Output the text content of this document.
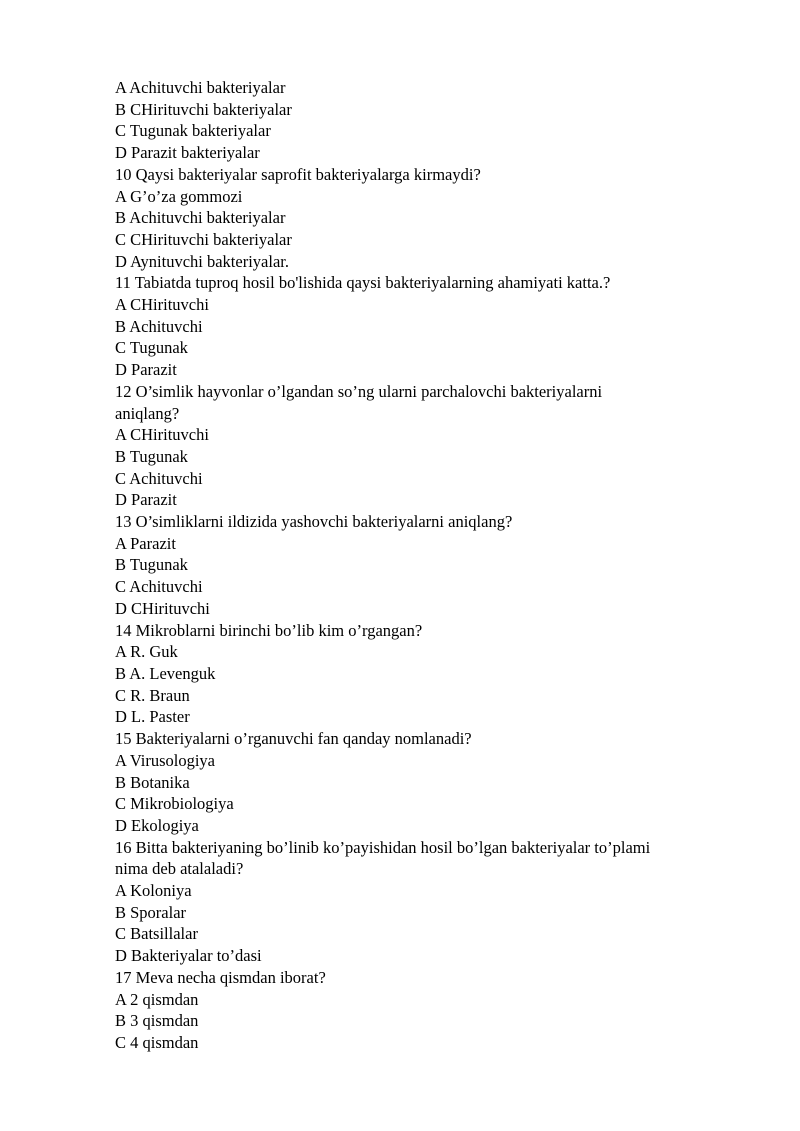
A Achituvchi bakteriyalar
B CHirituvchi bakteriyalar
C Tugunak bakteriyalar
D Parazit bakteriyalar
10 Qaysi bakteriyalar saprofit bakteriyalarga kirmaydi?
A G’o’za gommozi
B Achituvchi bakteriyalar
C CHirituvchi bakteriyalar
D Aynituvchi bakteriyalar.
11 Tabiatda tuproq hosil bo'lishida qaysi bakteriyalarning ahamiyati katta.?
A CHirituvchi
B Achituvchi
C Tugunak
D Parazit
12 O’simlik hayvonlar o’lgandan so’ng ularni parchalovchi bakteriyalarni
aniqlang?
A CHirituvchi
B Tugunak
C Achituvchi
D Parazit
13 O’simliklarni ildizida yashovchi bakteriyalarni aniqlang?
A Parazit
B Tugunak
C Achituvchi
D CHirituvchi
14 Mikroblarni birinchi bo’lib kim o’rgangan?
A R. Guk
B A. Levenguk
C R. Braun
D L. Paster
15 Bakteriyalarni o’rganuvchi fan qanday nomlanadi?
A Virusologiya
B Botanika
C Mikrobiologiya
D Ekologiya
16 Bitta bakteriyaning bo’linib ko’payishidan hosil bo’lgan bakteriyalar to’plami
nima deb atalaladi?
A Koloniya
B Sporalar
C Batsillalar
D Bakteriyalar to’dasi
17 Meva necha qismdan iborat?
A 2 qismdan
B 3 qismdan
C 4 qismdan
